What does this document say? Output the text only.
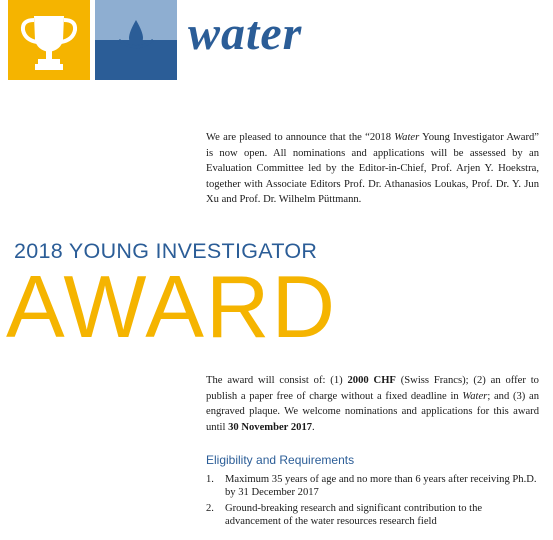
water

We are pleased to announce that the “2018 Water Young Investigator Award” is now open. All nominations and applications will be assessed by an Evaluation Committee led by the Editor-in-Chief, Prof. Arjen Y. Hoekstra, together with Associate Editors Prof. Dr. Athanasios Loukas, Prof. Dr. Y. Jun Xu and Prof. Dr. Wilhelm Püttmann.

2018 YOUNG INVESTIGATOR
AWARD

The award will consist of: (1) 2000 CHF (Swiss Francs); (2) an offer to publish a paper free of charge without a fixed deadline in Water; and (3) an engraved plaque. We welcome nominations and applications for this award until 30 November 2017.

Eligibility and Requirements
1. Maximum 35 years of age and no more than 6 years after receiving Ph.D. by 31 December 2017
2. Ground-breaking research and significant contribution to the advancement of the water resources research field
